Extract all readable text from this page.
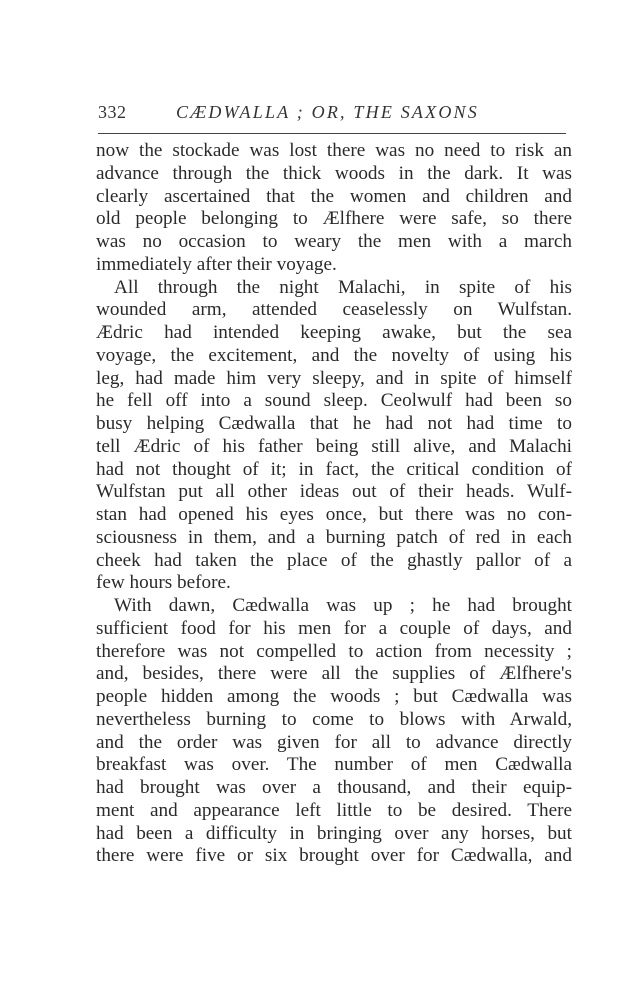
332	CÆDWALLA ; OR, THE SAXONS
now the stockade was lost there was no need to risk an
advance through the thick woods in the dark. It was
clearly ascertained that the women and children and
old people belonging to Ælfhere were safe, so there
was no occasion to weary the men with a march
immediately after their voyage.
All through the night Malachi, in spite of his
wounded arm, attended ceaselessly on Wulfstan.
Ædric had intended keeping awake, but the sea
voyage, the excitement, and the novelty of using his
leg, had made him very sleepy, and in spite of himself
he fell off into a sound sleep. Ceolwulf had been so
busy helping Cædwalla that he had not had time to
tell Ædric of his father being still alive, and Malachi
had not thought of it; in fact, the critical condition of
Wulfstan put all other ideas out of their heads. Wulf-
stan had opened his eyes once, but there was no con-
sciousness in them, and a burning patch of red in each
cheek had taken the place of the ghastly pallor of a
few hours before.
With dawn, Cædwalla was up ; he had brought
sufficient food for his men for a couple of days, and
therefore was not compelled to action from necessity ;
and, besides, there were all the supplies of Ælfhere's
people hidden among the woods ; but Cædwalla was
nevertheless burning to come to blows with Arwald,
and the order was given for all to advance directly
breakfast was over. The number of men Cædwalla
had brought was over a thousand, and their equip-
ment and appearance left little to be desired. There
had been a difficulty in bringing over any horses, but
there were five or six brought over for Cædwalla, and
